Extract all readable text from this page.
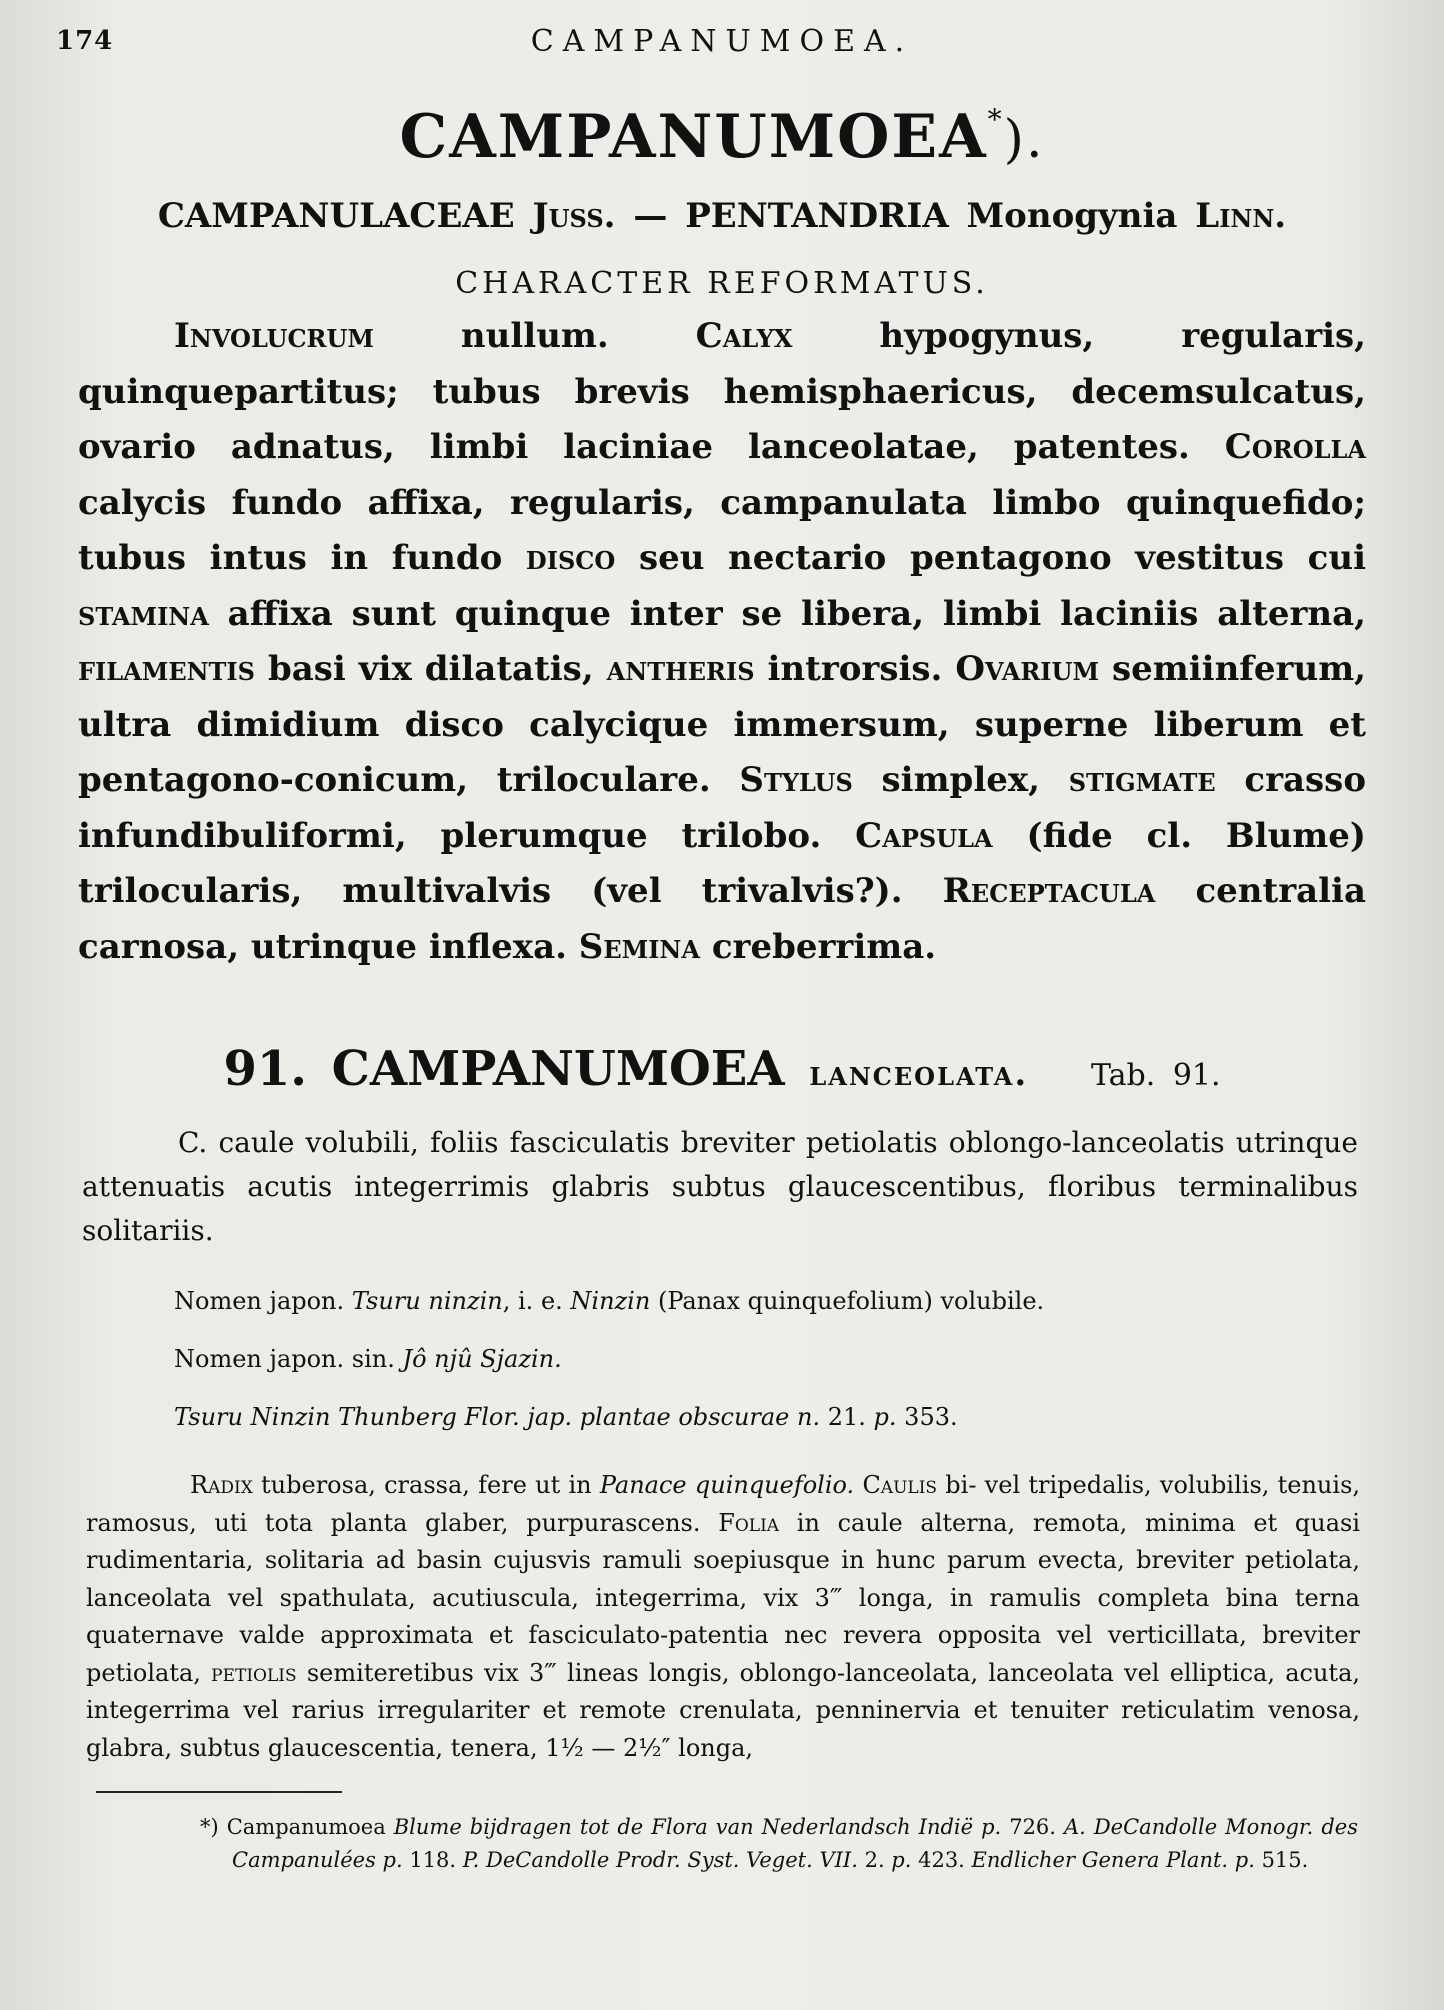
174	CAMPANUMOEA.
CAMPANUMOEA*).
CAMPANULACEAE Juss. — PENTANDRIA Monogynia Linn.
CHARACTER REFORMATUS.

Involucrum nullum. Calyx hypogynus, regularis, quinquepartitus; tubus brevis hemisphaericus, decemsulcatus, ovario adnatus, limbi laciniae lanceolatae, patentes. Corolla calycis fundo affixa, regularis, campanulata limbo quinquefido; tubus intus in fundo disco seu nectario pentagono vestitus cui stamina affixa sunt quinque inter se libera, limbi laciniis alterna, filamentis basi vix dilatatis, antheris introrsis. Ovarium semiinferum, ultra dimidium disco calycique immersum, superne liberum et pentagono-conicum, triloculare. Stylus simplex, stigmate crasso infundibuliformi, plerumque trilobo. Capsula (fide cl. Blume) trilocularis, multivalvis (vel trivalvis?). Receptacula centralia carnosa, utrinque inflexa. Semina creberrima.

91. CAMPANUMOEA lanceolata. Tab. 91.

C. caule volubili, foliis fasciculatis breviter petiolatis oblongo-lanceolatis utrinque attenuatis acutis integerrimis glabris subtus glaucescentibus, floribus terminalibus solitariis.

Nomen japon. Tsuru ninzin, i. e. Ninzin (Panax quinquefolium) volubile.
Nomen japon. sin. Jô njû Sjazin.
Tsuru Ninzin Thunberg Flor. jap. plantae obscurae n. 21. p. 353.

Radix tuberosa, crassa, fere ut in Panace quinquefolio. Caulis bi- vel tripedalis, volubilis, tenuis, ramosus, uti tota planta glaber, purpurascens. Folia in caule alterna, remota, minima et quasi rudimentaria, solitaria ad basin cujusvis ramuli soepiusque in hunc parum evecta, breviter petiolata, lanceolata vel spathulata, acutiuscula, integerrima, vix 3‴ longa, in ramulis completa bina terna quaternave valde approximata et fasciculato-patentia nec revera opposita vel verticillata, breviter petiolata, petiolis semiteretibus vix 3‴ lineas longis, oblongo-lanceolata, lanceolata vel elliptica, acuta, integerrima vel rarius irregulariter et remote crenulata, penninervia et tenuiter reticulatim venosa, glabra, subtus glaucescentia, tenera, 1½ — 2½″ longa,

*) Campanumoea Blume bijdragen tot de Flora van Nederlandsch Indië p. 726. A. DeCandolle Monogr. des Campanulées p. 118. P. DeCandolle Prodr. Syst. Veget. VII. 2. p. 423. Endlicher Genera Plant. p. 515.
